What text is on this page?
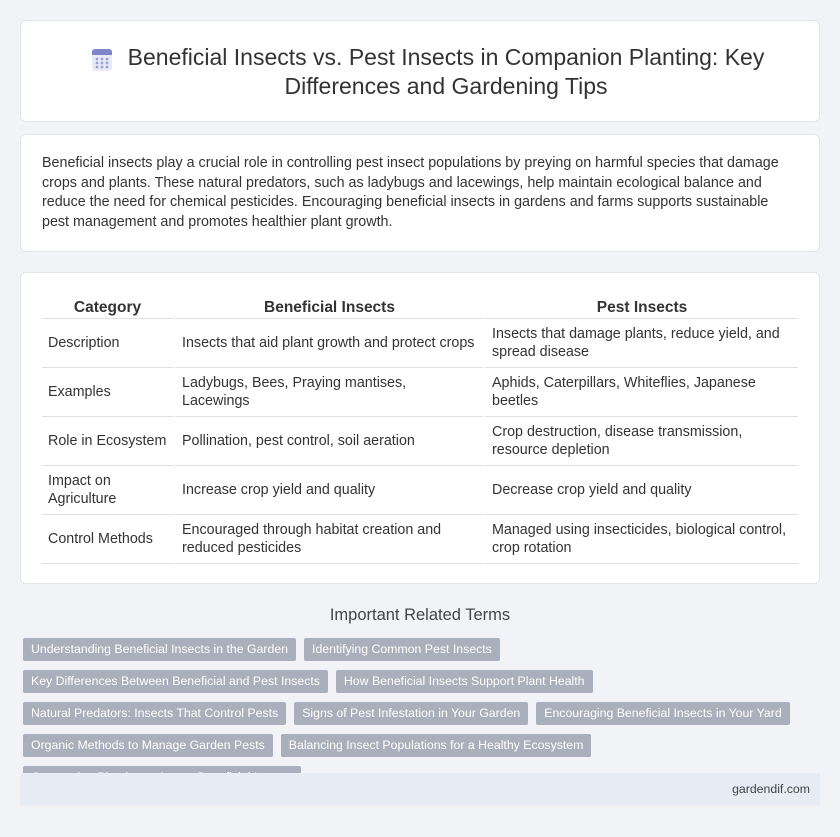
Beneficial Insects vs. Pest Insects in Companion Planting: Key Differences and Gardening Tips

Beneficial insects play a crucial role in controlling pest insect populations by preying on harmful species that damage crops and plants. These natural predators, such as ladybugs and lacewings, help maintain ecological balance and reduce the need for chemical pesticides. Encouraging beneficial insects in gardens and farms supports sustainable pest management and promotes healthier plant growth.

Category	Beneficial Insects	Pest Insects
Description	Insects that aid plant growth and protect crops	Insects that damage plants, reduce yield, and spread disease
Examples	Ladybugs, Bees, Praying mantises, Lacewings	Aphids, Caterpillars, Whiteflies, Japanese beetles
Role in Ecosystem	Pollination, pest control, soil aeration	Crop destruction, disease transmission, resource depletion
Impact on Agriculture	Increase crop yield and quality	Decrease crop yield and quality
Control Methods	Encouraged through habitat creation and reduced pesticides	Managed using insecticides, biological control, crop rotation
Important Related Terms
Understanding Beneficial Insects in the Garden	Identifying Common Pest Insects
Key Differences Between Beneficial and Pest Insects	How Beneficial Insects Support Plant Health
Natural Predators: Insects That Control Pests	Signs of Pest Infestation in Your Garden	Encouraging Beneficial Insects in Your Yard
Organic Methods to Manage Garden Pests	Balancing Insect Populations for a Healthy Ecosystem
gardendif.com
